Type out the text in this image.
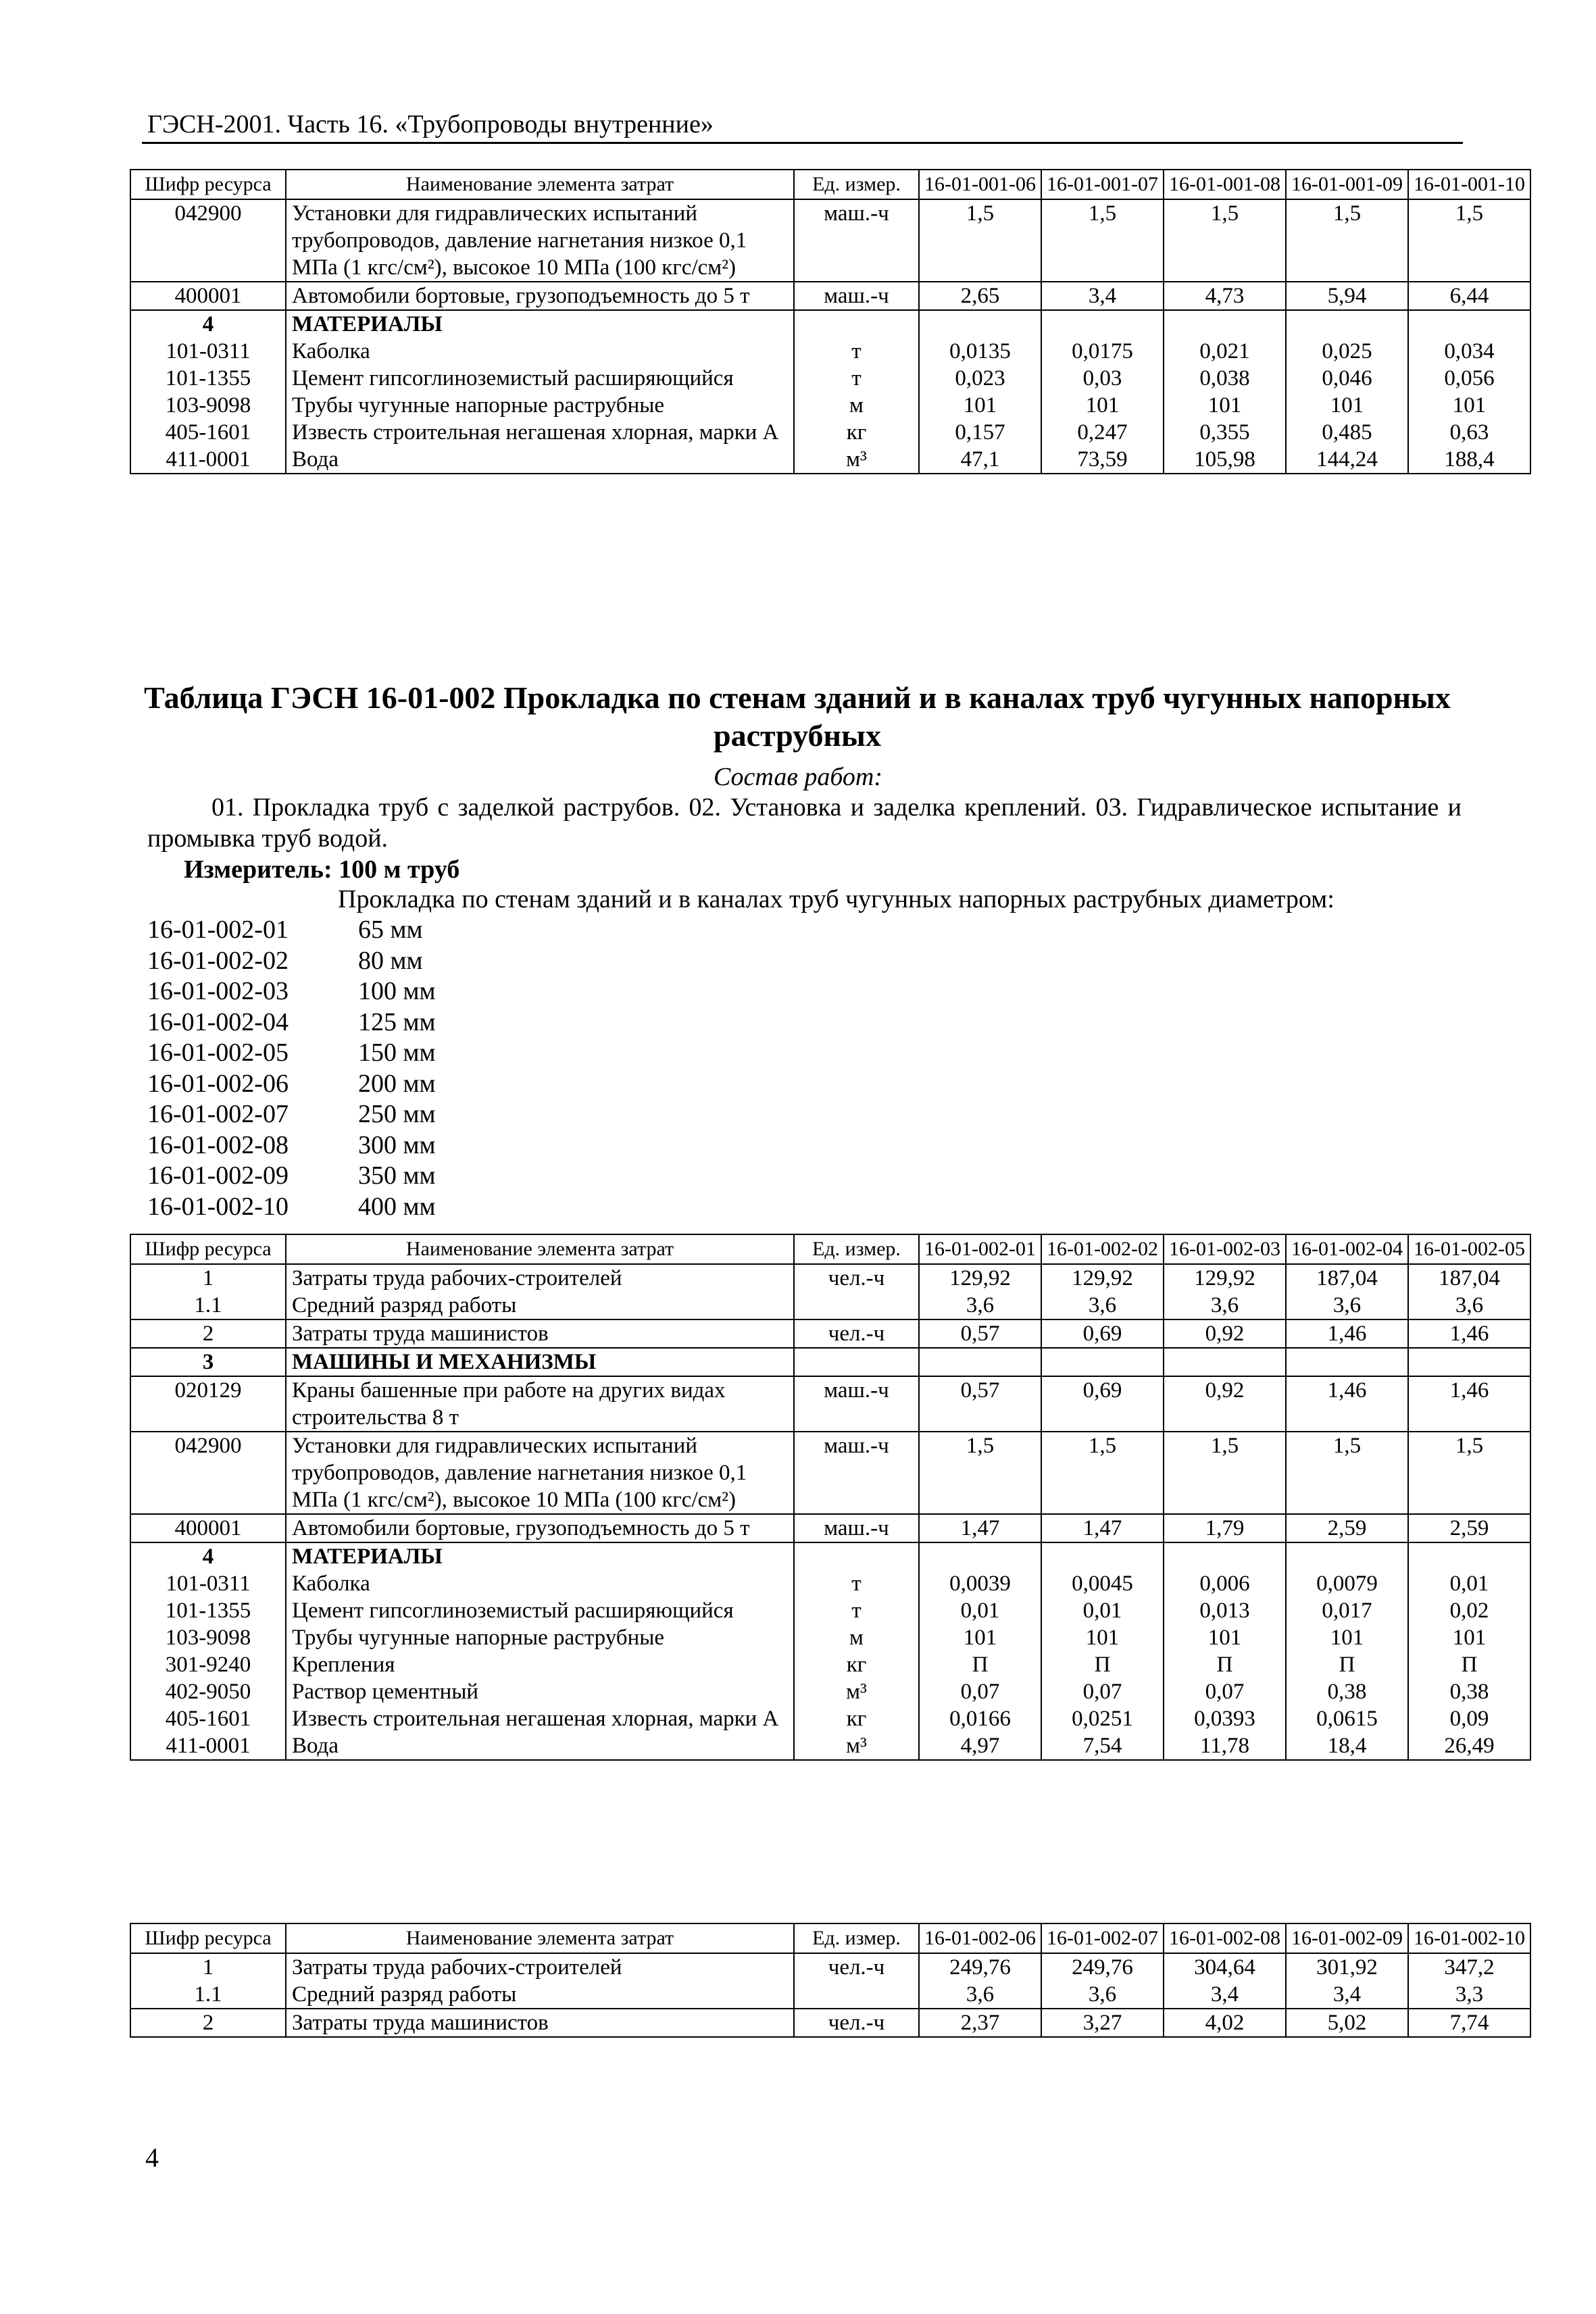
ГЭСН-2001. Часть 16. «Трубопроводы внутренние»
Шифр ресурса	Наименование элемента затрат	Ед. измер.	16-01-001-06	16-01-001-07	16-01-001-08	16-01-001-09	16-01-001-10
042900	Установки для гидравлических испытаний трубопроводов, давление нагнетания низкое 0,1 МПа (1 кгс/см²), высокое 10 МПа (100 кгс/см²)	маш.-ч	1,5	1,5	1,5	1,5	1,5
400001	Автомобили бортовые, грузоподъемность до 5 т	маш.-ч	2,65	3,4	4,73	5,94	6,44
4	МАТЕРИАЛЫ						
101-0311	Каболка	т	0,0135	0,0175	0,021	0,025	0,034
101-1355	Цемент гипсоглиноземистый расширяющийся	т	0,023	0,03	0,038	0,046	0,056
103-9098	Трубы чугунные напорные раструбные	м	101	101	101	101	101
405-1601	Известь строительная негашеная хлорная, марки А	кг	0,157	0,247	0,355	0,485	0,63
411-0001	Вода	м³	47,1	73,59	105,98	144,24	188,4
Таблица ГЭСН 16-01-002 Прокладка по стенам зданий и в каналах труб чугунных напорных раструбных
Состав работ:
01. Прокладка труб с заделкой раструбов. 02. Установка и заделка креплений. 03. Гидравлическое испытание и промывка труб водой.
Измеритель: 100 м труб
Прокладка по стенам зданий и в каналах труб чугунных напорных раструбных диаметром:
16-01-002-01	65 мм
16-01-002-02	80 мм
16-01-002-03	100 мм
16-01-002-04	125 мм
16-01-002-05	150 мм
16-01-002-06	200 мм
16-01-002-07	250 мм
16-01-002-08	300 мм
16-01-002-09	350 мм
16-01-002-10	400 мм
Шифр ресурса	Наименование элемента затрат	Ед. измер.	16-01-002-01	16-01-002-02	16-01-002-03	16-01-002-04	16-01-002-05
1	Затраты труда рабочих-строителей	чел.-ч	129,92	129,92	129,92	187,04	187,04
1.1	Средний разряд работы		3,6	3,6	3,6	3,6	3,6
2	Затраты труда машинистов	чел.-ч	0,57	0,69	0,92	1,46	1,46
3	МАШИНЫ И МЕХАНИЗМЫ						
020129	Краны башенные при работе на других видах строительства 8 т	маш.-ч	0,57	0,69	0,92	1,46	1,46
042900	Установки для гидравлических испытаний трубопроводов, давление нагнетания низкое 0,1 МПа (1 кгс/см²), высокое 10 МПа (100 кгс/см²)	маш.-ч	1,5	1,5	1,5	1,5	1,5
400001	Автомобили бортовые, грузоподъемность до 5 т	маш.-ч	1,47	1,47	1,79	2,59	2,59
4	МАТЕРИАЛЫ						
101-0311	Каболка	т	0,0039	0,0045	0,006	0,0079	0,01
101-1355	Цемент гипсоглиноземистый расширяющийся	т	0,01	0,01	0,013	0,017	0,02
103-9098	Трубы чугунные напорные раструбные	м	101	101	101	101	101
301-9240	Крепления	кг	П	П	П	П	П
402-9050	Раствор цементный	м³	0,07	0,07	0,07	0,38	0,38
405-1601	Известь строительная негашеная хлорная, марки А	кг	0,0166	0,0251	0,0393	0,0615	0,09
411-0001	Вода	м³	4,97	7,54	11,78	18,4	26,49
Шифр ресурса	Наименование элемента затрат	Ед. измер.	16-01-002-06	16-01-002-07	16-01-002-08	16-01-002-09	16-01-002-10
1	Затраты труда рабочих-строителей	чел.-ч	249,76	249,76	304,64	301,92	347,2
1.1	Средний разряд работы		3,6	3,6	3,4	3,4	3,3
2	Затраты труда машинистов	чел.-ч	2,37	3,27	4,02	5,02	7,74
4
